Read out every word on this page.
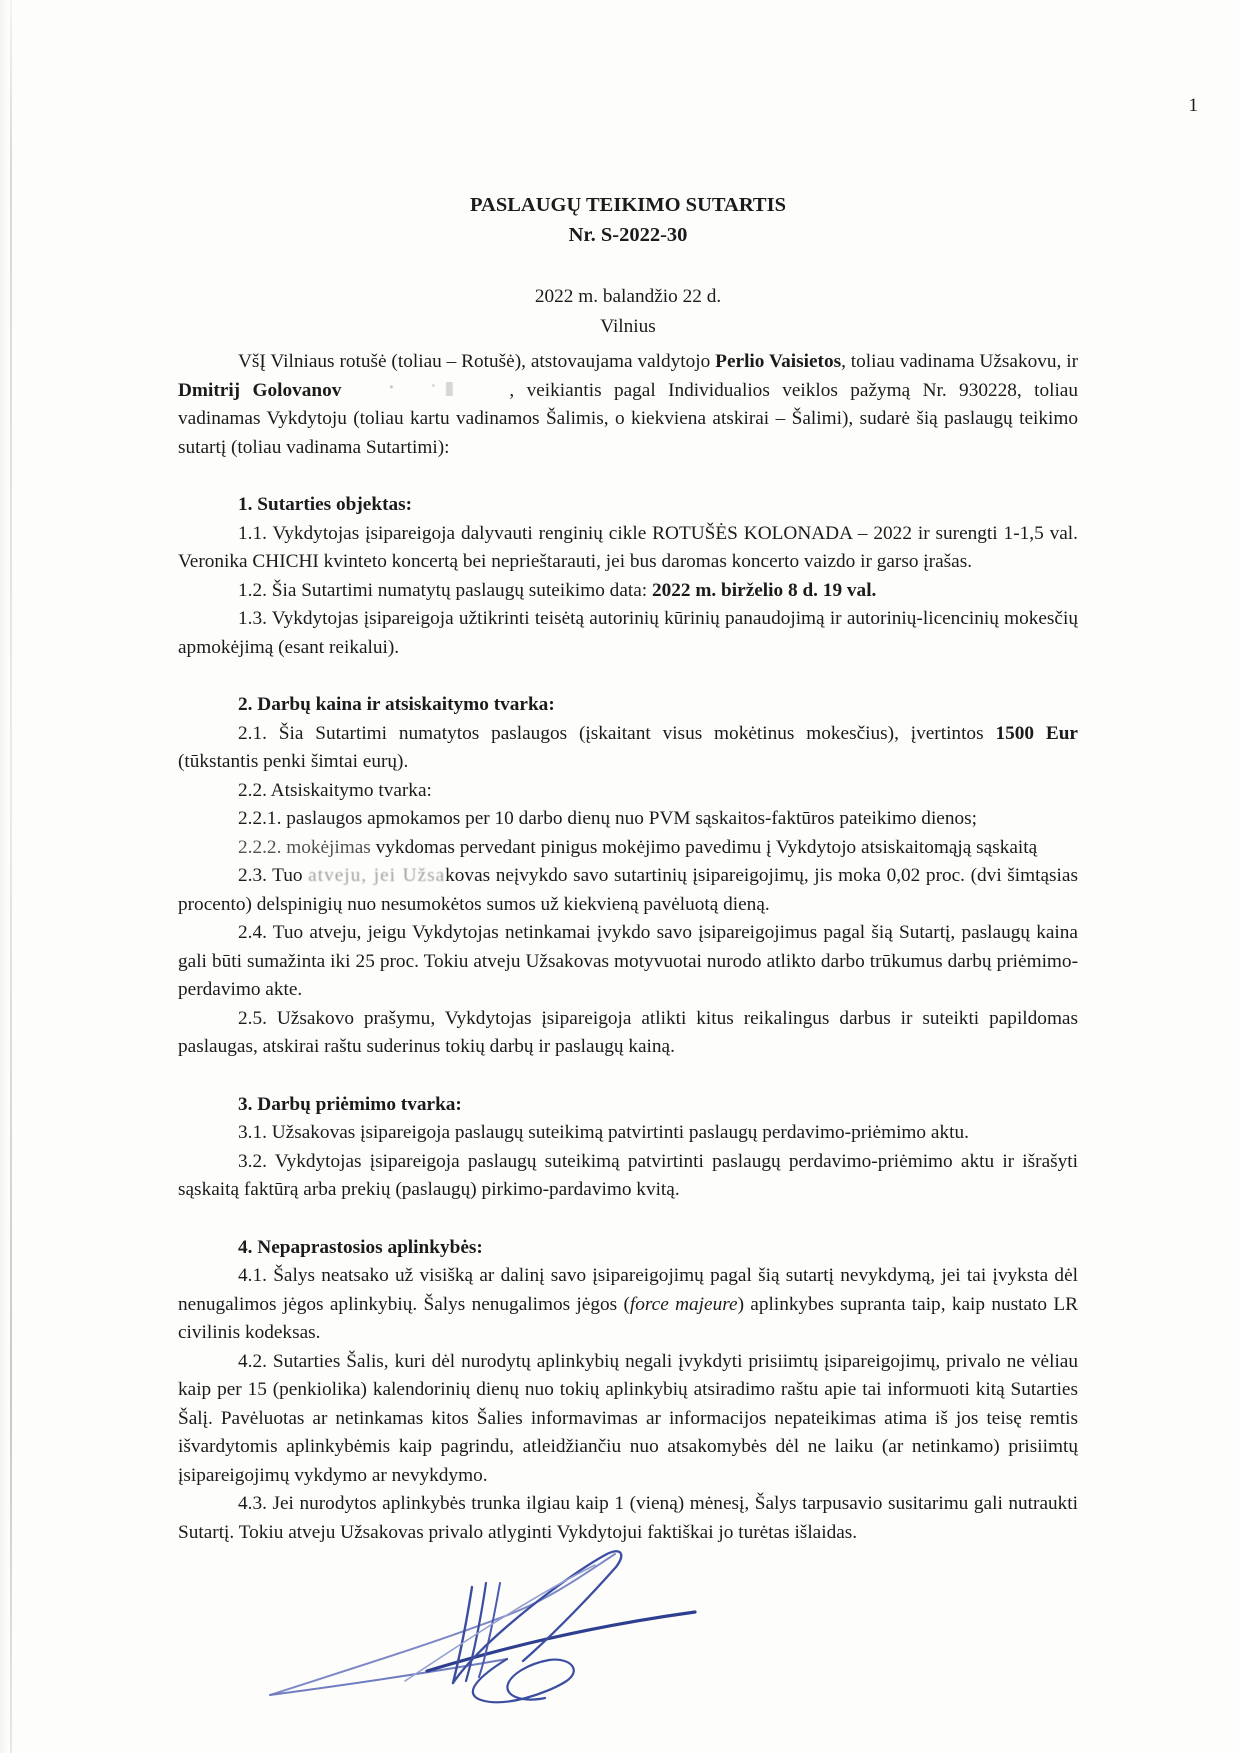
1
PASLAUGŲ TEIKIMO SUTARTIS
Nr. S-2022-30
2022 m. balandžio 22 d.
Vilnius

VšĮ Vilniaus rotušė (toliau – Rotušė), atstovaujama valdytojo Perlio Vaisietos, toliau vadinama Užsakovu, ir Dmitrij Golovanov	, veikiantis pagal Individualios veiklos pažymą Nr. 930228, toliau vadinamas Vykdytoju (toliau kartu vadinamos Šalimis, o kiekviena atskirai – Šalimi), sudarė šią paslaugų teikimo sutartį (toliau vadinama Sutartimi):

1. Sutarties objektas:

1.1. Vykdytojas įsipareigoja dalyvauti renginių cikle ROTUŠĖS KOLONADA – 2022 ir surengti 1-1,5 val. Veronika CHICHI kvinteto koncertą bei neprieštarauti, jei bus daromas koncerto vaizdo ir garso įrašas.

1.2. Šia Sutartimi numatytų paslaugų suteikimo data: 2022 m. birželio 8 d. 19 val.

1.3. Vykdytojas įsipareigoja užtikrinti teisėtą autorinių kūrinių panaudojimą ir autorinių-licencinių mokesčių apmokėjimą (esant reikalui).

2. Darbų kaina ir atsiskaitymo tvarka:

2.1. Šia Sutartimi numatytos paslaugos (įskaitant visus mokėtinus mokesčius), įvertintos 1500 Eur (tūkstantis penki šimtai eurų).

2.2. Atsiskaitymo tvarka:

2.2.1. paslaugos apmokamos per 10 darbo dienų nuo PVM sąskaitos-faktūros pateikimo dienos;

2.2.2. mokėjimas vykdomas pervedant pinigus mokėjimo pavedimu į Vykdytojo atsiskaitomąją sąskaitą

2.3. Tuo atveju, jei Užsakovas neįvykdo savo sutartinių įsipareigojimų, jis moka 0,02 proc. (dvi šimtąsias procento) delspinigių nuo nesumokėtos sumos už kiekvieną pavėluotą dieną.

2.4. Tuo atveju, jeigu Vykdytojas netinkamai įvykdo savo įsipareigojimus pagal šią Sutartį, paslaugų kaina gali būti sumažinta iki 25 proc. Tokiu atveju Užsakovas motyvuotai nurodo atlikto darbo trūkumus darbų priėmimo-perdavimo akte.

2.5. Užsakovo prašymu, Vykdytojas įsipareigoja atlikti kitus reikalingus darbus ir suteikti papildomas paslaugas, atskirai raštu suderinus tokių darbų ir paslaugų kainą.

3. Darbų priėmimo tvarka:

3.1. Užsakovas įsipareigoja paslaugų suteikimą patvirtinti paslaugų perdavimo-priėmimo aktu.

3.2. Vykdytojas įsipareigoja paslaugų suteikimą patvirtinti paslaugų perdavimo-priėmimo aktu ir išrašyti sąskaitą faktūrą arba prekių (paslaugų) pirkimo-pardavimo kvitą.

4. Nepaprastosios aplinkybės:

4.1. Šalys neatsako už visišką ar dalinį savo įsipareigojimų pagal šią sutartį nevykdymą, jei tai įvyksta dėl nenugalimos jėgos aplinkybių. Šalys nenugalimos jėgos (force majeure) aplinkybes supranta taip, kaip nustato LR civilinis kodeksas.

4.2. Sutarties Šalis, kuri dėl nurodytų aplinkybių negali įvykdyti prisiimtų įsipareigojimų, privalo ne vėliau kaip per 15 (penkiolika) kalendorinių dienų nuo tokių aplinkybių atsiradimo raštu apie tai informuoti kitą Sutarties Šalį. Pavėluotas ar netinkamas kitos Šalies informavimas ar informacijos nepateikimas atima iš jos teisę remtis išvardytomis aplinkybėmis kaip pagrindu, atleidžiančiu nuo atsakomybės dėl ne laiku (ar netinkamo) prisiimtų įsipareigojimų vykdymo ar nevykdymo.

4.3. Jei nurodytos aplinkybės trunka ilgiau kaip 1 (vieną) mėnesį, Šalys tarpusavio susitarimu gali nutraukti Sutartį. Tokiu atveju Užsakovas privalo atlyginti Vykdytojui faktiškai jo turėtas išlaidas.
